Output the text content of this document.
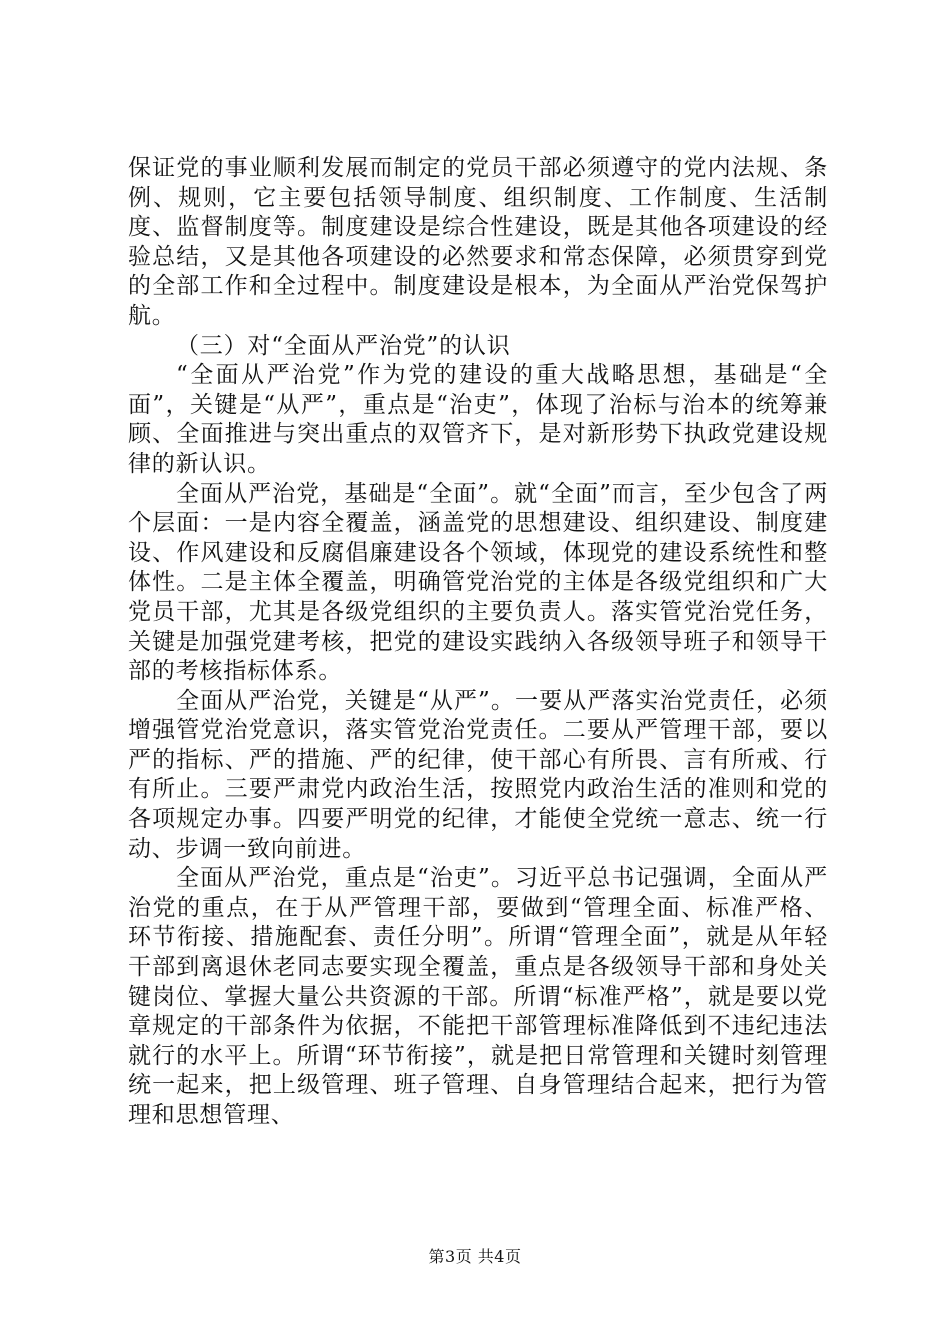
保证党的事业顺利发展而制定的党员干部必须遵守的党内法规、条例、规则，它主要包括领导制度、组织制度、工作制度、生活制度、监督制度等。制度建设是综合性建设，既是其他各项建设的经验总结，又是其他各项建设的必然要求和常态保障，必须贯穿到党的全部工作和全过程中。制度建设是根本，为全面从严治党保驾护航。

（三）对“全面从严治党”的认识

“全面从严治党”作为党的建设的重大战略思想，基础是“全面”，关键是“从严”，重点是“治吏”，体现了治标与治本的统筹兼顾、全面推进与突出重点的双管齐下，是对新形势下执政党建设规律的新认识。

全面从严治党，基础是“全面”。就“全面”而言，至少包含了两个层面：一是内容全覆盖，涵盖党的思想建设、组织建设、制度建设、作风建设和反腐倡廉建设各个领域，体现党的建设系统性和整体性。二是主体全覆盖，明确管党治党的主体是各级党组织和广大党员干部，尤其是各级党组织的主要负责人。落实管党治党任务，关键是加强党建考核，把党的建设实践纳入各级领导班子和领导干部的考核指标体系。

全面从严治党，关键是“从严”。一要从严落实治党责任，必须增强管党治党意识，落实管党治党责任。二要从严管理干部，要以严的指标、严的措施、严的纪律，使干部心有所畏、言有所戒、行有所止。三要严肃党内政治生活，按照党内政治生活的准则和党的各项规定办事。四要严明党的纪律，才能使全党统一意志、统一行动、步调一致向前进。

全面从严治党，重点是“治吏”。习近平总书记强调，全面从严治党的重点，在于从严管理干部，要做到“管理全面、标准严格、环节衔接、措施配套、责任分明”。所谓“管理全面”，就是从年轻干部到离退休老同志要实现全覆盖，重点是各级领导干部和身处关键岗位、掌握大量公共资源的干部。所谓“标准严格”，就是要以党章规定的干部条件为依据，不能把干部管理标准降低到不违纪违法就行的水平上。所谓“环节衔接”，就是把日常管理和关键时刻管理统一起来，把上级管理、班子管理、自身管理结合起来，把行为管理和思想管理、

第3页 共4页
